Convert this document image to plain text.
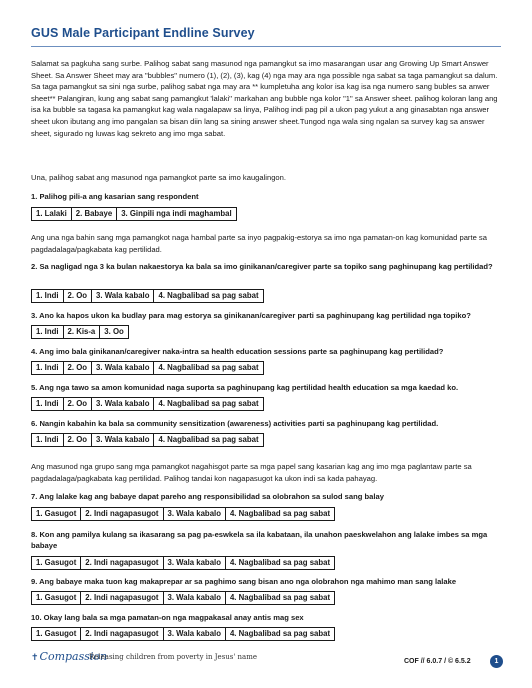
GUS Male Participant Endline Survey
Salamat sa pagkuha sang surbe. Palihog sabat sang masunod nga pamangkut sa imo masarangan usar ang Growing Up Smart Answer Sheet. Sa Answer Sheet may ara "bubbles" numero (1), (2), (3), kag (4) nga may ara nga possible nga sabat sa taga pamangkut sa dalum. Sa taga pamangkut sa sini nga surbe, palihog sabat nga may ara ** kumpletuha ang kolor isa kag isa nga numero sang bubles sa anwer sheet** Palangiran, kung ang sabat sang pamangkut 'lalaki'' markahan ang bubble nga kolor "1" sa Answer sheet. palihog koloran lang ang isa ka bubble sa tagasa ka pamangkut kag wala nagalapaw sa linya, Palihog indi pag pil a ukon pag yukut a ang ginasabtan nga answer sheet ukon ibutang ang imo pangalan sa bisan diin lang sa sining answer sheet.Tungod nga wala sing ngalan sa survey kag sa answer sheet, sigurado ng luwas kag sekreto ang imo mga sabat.
Una, palihog sabat ang masunod nga pamangkot parte sa imo kaugalingon.
1. Palihog pili-a ang kasarian sang respondent
1. Lalaki	2. Babaye	3. Ginpili nga indi maghambal
Ang una nga bahin sang mga pamangkot naga hambal parte sa inyo pagpakig-estorya sa imo nga pamatan-on kag komunidad parte sa pagdadalaga/pagkabata kag pertilidad.
2. Sa nagligad nga 3 ka bulan nakaestorya ka bala sa imo ginikanan/caregiver parte sa topiko sang paghinupang kag pertilidad?
1. Indi	2. Oo	3. Wala kabalo	4. Nagbalibad sa pag sabat
3. Ano ka hapos ukon ka budlay para mag estorya sa ginikanan/caregiver parti sa paghinupang kag pertilidad nga topiko?
1. Indi	2. Kis-a	3. Oo
4. Ang imo bala ginikanan/caregiver naka-intra sa health education sessions parte sa paghinupang kag pertilidad?
1. Indi	2. Oo	3. Wala kabalo	4. Nagbalibad sa pag sabat
5. Ang nga tawo sa amon komunidad naga suporta sa paghinupang kag pertilidad health education sa mga kaedad ko.
1. Indi	2. Oo	3. Wala kabalo	4. Nagbalibad sa pag sabat
6. Nangin kabahin ka bala sa community sensitization (awareness) activities parti sa paghinupang kag pertilidad.
1. Indi	2. Oo	3. Wala kabalo	4. Nagbalibad sa pag sabat
Ang masunod nga grupo sang mga pamangkot nagahisgot parte sa mga papel sang kasarian kag ang imo mga paglantaw parte sa pagdadalaga/pagkabata kag pertilidad. Palihog tandai kon nagapasugot ka ukon indi sa kada pahayag.
7. Ang lalake kag ang babaye dapat pareho ang responsibilidad sa olobrahon sa sulod sang balay
1. Gasugot	2. Indi nagapasugot	3. Wala kabalo	4. Nagbalibad sa pag sabat
8. Kon ang pamilya kulang sa ikasarang sa pag pa-eswkela sa ila kabataan, ila unahon paeskwelahon ang lalake imbes sa mga babaye
1. Gasugot	2. Indi nagapasugot	3. Wala kabalo	4. Nagbalibad sa pag sabat
9. Ang babaye maka tuon kag makaprepar ar sa paghimo sang bisan ano nga olobrahon nga mahimo man sang lalake
1. Gasugot	2. Indi nagapasugot	3. Wala kabalo	4. Nagbalibad sa pag sabat
10. Okay lang bala sa mga pamatan-on nga magpakasal anay antis mag sex
1. Gasugot	2. Indi nagapasugot	3. Wala kabalo	4. Nagbalibad sa pag sabat
✝Compassion
Releasing children from poverty in Jesus' name
COF // 6.0.7 / © 6.5.2	1
